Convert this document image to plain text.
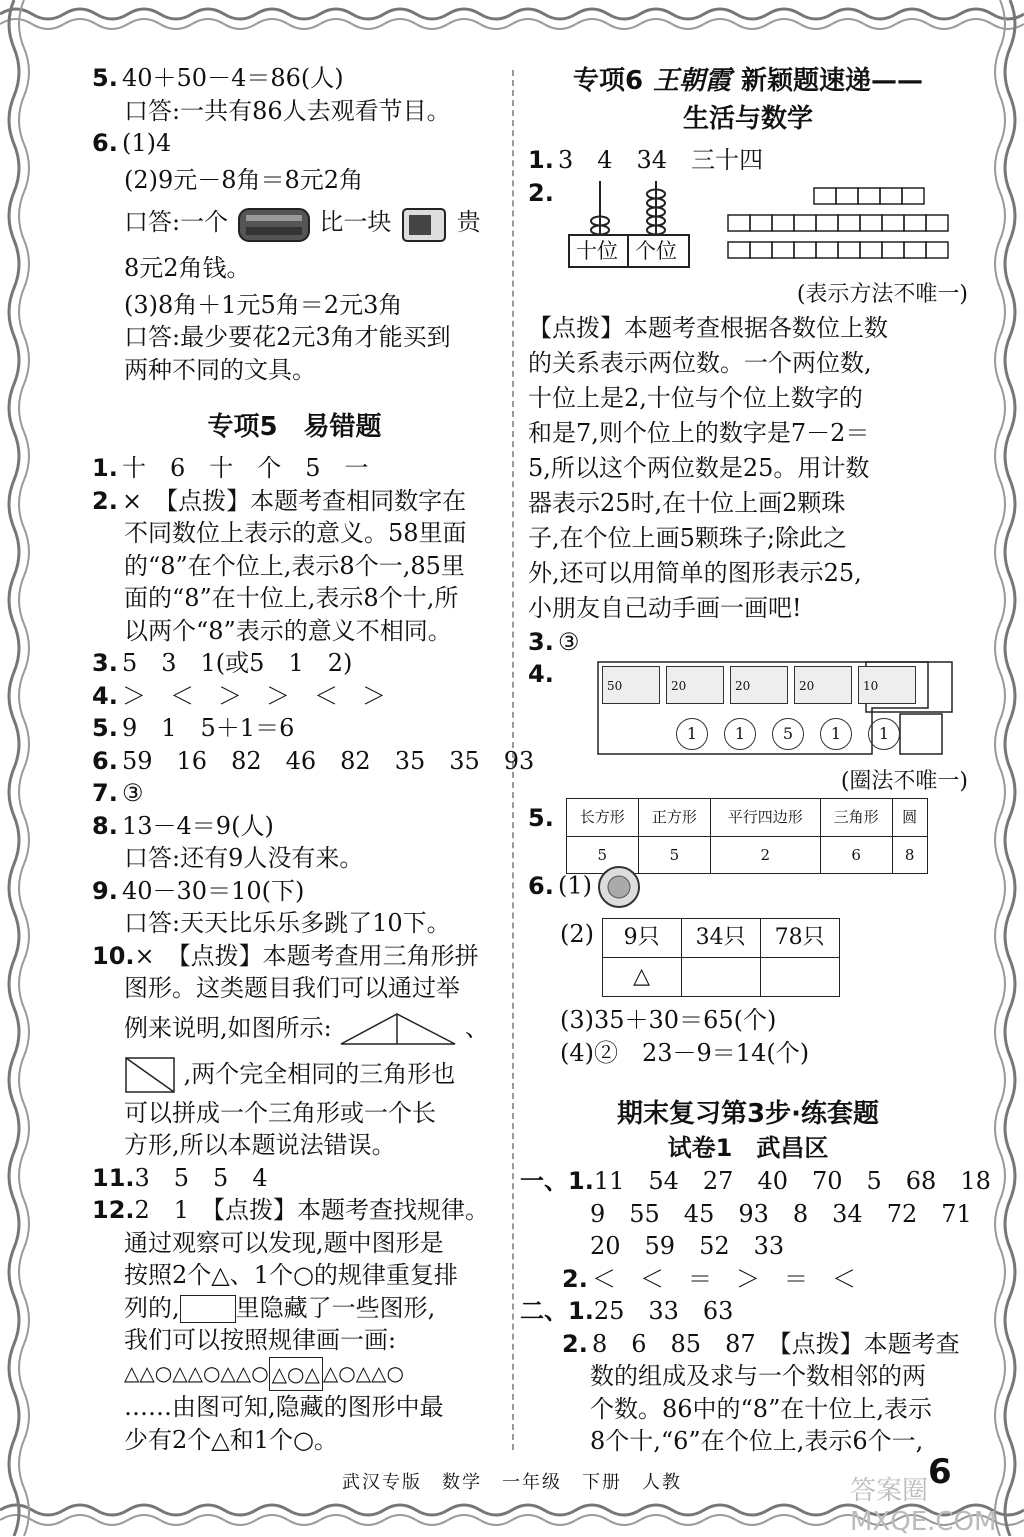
5. 40＋50－4＝86(人)
口答:一共有86人去观看节目。
6. (1)4
(2)9元－8角＝8元2角
口答:一个	比一块	贵
8元2角钱。
(3)8角＋1元5角＝2元3角
口答:最少要花2元3角才能买到
两种不同的文具。
专项5　易错题
1. 十　6　十　个　5　一
2. ×　【点拨】本题考查相同数字在
不同数位上表示的意义。58里面
的“8”在个位上,表示8个一,85里
面的“8”在十位上,表示8个十,所
以两个“8”表示的意义不相同。
3. 5　3　1(或5　1　2)
4. ＞　＜　＞　＞　＜　＞
5. 9　1　5＋1＝6
6. 59　16　82　46　82　35　35　93
7. ③
8. 13－4＝9(人)
口答:还有9人没有来。
9. 40－30＝10(下)
口答:天天比乐乐多跳了10下。
10.×　【点拨】本题考查用三角形拼
图形。这类题目我们可以通过举
例来说明,如图所示:	、
,两个完全相同的三角形也
可以拼成一个三角形或一个长
方形,所以本题说法错误。
11.3　5　5　4
12.2　1　【点拨】本题考查找规律。
通过观察可以发现,题中图形是
按照2个△、1个○的规律重复排
列的, 里隐藏了一些图形,
我们可以按照规律画一画:
△△○△△○△△○ △○△ △○△△○
……由图可知,隐藏的图形中最
少有2个△和1个○。
专项6 王朝霞 新颖题速递——
生活与数学
1. 3　4　34　三十四
2.
十位 个位
(表示方法不唯一)
【点拨】本题考查根据各数位上数
的关系表示两位数。一个两位数,
十位上是2,十位与个位上数字的
和是7,则个位上的数字是7－2＝
5,所以这个两位数是25。用计数
器表示25时,在十位上画2颗珠
子,在个位上画5颗珠子;除此之
外,还可以用简单的图形表示25,
小朋友自己动手画一画吧!
3. ③
4.	50	20	20	20	10
1 1 5 1 1
(圈法不唯一)
5. 长方形	正方形	平行四边形	三角形	圆
5	5	2	6	8
6. (1)
(2) 9只	34只	78只
△		
(3)35＋30＝65(个)
(4)②　23－9＝14(个)
期末复习第3步·练套题
试卷1　武昌区
一、1.11　54　27　40　70　5　68　18
9　55　45　93　8　34　72　71
20　59　52　33
2. ＜　＜　＝　＞　＝　＜
二、1.25　33　63
2. 8　6　85　87　【点拨】本题考查
数的组成及求与一个数相邻的两
个数。86中的“8”在十位上,表示
8个十,“6”在个位上,表示6个一,
答案圈 MXQE.COM
武汉专版　数学　一年级　下册　人教	6
